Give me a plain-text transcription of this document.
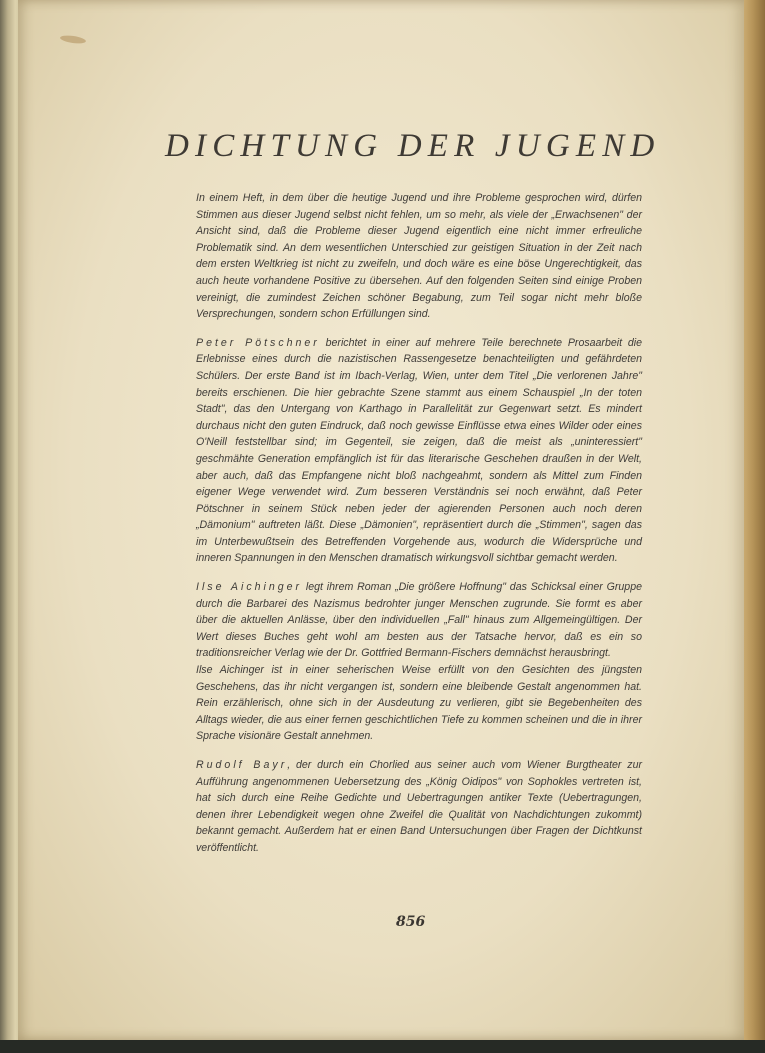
DICHTUNG DER JUGEND

In einem Heft, in dem über die heutige Jugend und ihre Probleme gesprochen wird, dürfen Stimmen aus dieser Jugend selbst nicht fehlen, um so mehr, als viele der „Erwachsenen" der Ansicht sind, daß die Probleme dieser Jugend eigentlich eine nicht immer erfreuliche Problematik sind. An dem wesentlichen Unterschied zur geistigen Situation in der Zeit nach dem ersten Weltkrieg ist nicht zu zweifeln, und doch wäre es eine böse Ungerechtigkeit, das auch heute vorhandene Positive zu übersehen. Auf den folgenden Seiten sind einige Proben vereinigt, die zumindest Zeichen schöner Begabung, zum Teil sogar nicht mehr bloße Versprechungen, sondern schon Erfüllungen sind.

Peter Pötschner berichtet in einer auf mehrere Teile berechnete Prosaarbeit die Erlebnisse eines durch die nazistischen Rassengesetze benachteiligten und gefährdeten Schülers. Der erste Band ist im Ibach-Verlag, Wien, unter dem Titel „Die verlorenen Jahre" bereits erschienen. Die hier gebrachte Szene stammt aus einem Schauspiel „In der toten Stadt", das den Untergang von Karthago in Parallelität zur Gegenwart setzt. Es mindert durchaus nicht den guten Eindruck, daß noch gewisse Einflüsse etwa eines Wilder oder eines O'Neill feststellbar sind; im Gegenteil, sie zeigen, daß die meist als „uninteressiert" geschmähte Generation empfänglich ist für das literarische Geschehen draußen in der Welt, aber auch, daß das Empfangene nicht bloß nachgeahmt, sondern als Mittel zum Finden eigener Wege verwendet wird. Zum besseren Verständnis sei noch erwähnt, daß Peter Pötschner in seinem Stück neben jeder der agierenden Personen auch noch deren „Dämonium" auftreten läßt. Diese „Dämonien", repräsentiert durch die „Stimmen", sagen das im Unterbewußtsein des Betreffenden Vorgehende aus, wodurch die Widersprüche und inneren Spannungen in den Menschen dramatisch wirkungsvoll sichtbar gemacht werden.

Ilse Aichinger legt ihrem Roman „Die größere Hoffnung" das Schicksal einer Gruppe durch die Barbarei des Nazismus bedrohter junger Menschen zugrunde. Sie formt es aber über die aktuellen Anlässe, über den individuellen „Fall" hinaus zum Allgemeingültigen. Der Wert dieses Buches geht wohl am besten aus der Tatsache hervor, daß es ein so traditionsreicher Verlag wie der Dr. Gottfried Bermann-Fischers demnächst herausbringt.

Ilse Aichinger ist in einer seherischen Weise erfüllt von den Gesichten des jüngsten Geschehens, das ihr nicht vergangen ist, sondern eine bleibende Gestalt angenommen hat. Rein erzählerisch, ohne sich in der Ausdeutung zu verlieren, gibt sie Begebenheiten des Alltags wieder, die aus einer fernen geschichtlichen Tiefe zu kommen scheinen und die in ihrer Sprache visionäre Gestalt annehmen.

Rudolf Bayr, der durch ein Chorlied aus seiner auch vom Wiener Burgtheater zur Aufführung angenommenen Uebersetzung des „König Oidipos" von Sophokles vertreten ist, hat sich durch eine Reihe Gedichte und Uebertragungen antiker Texte (Uebertragungen, denen ihrer Lebendigkeit wegen ohne Zweifel die Qualität von Nachdichtungen zukommt) bekannt gemacht. Außerdem hat er einen Band Untersuchungen über Fragen der Dichtkunst veröffentlicht.

856
